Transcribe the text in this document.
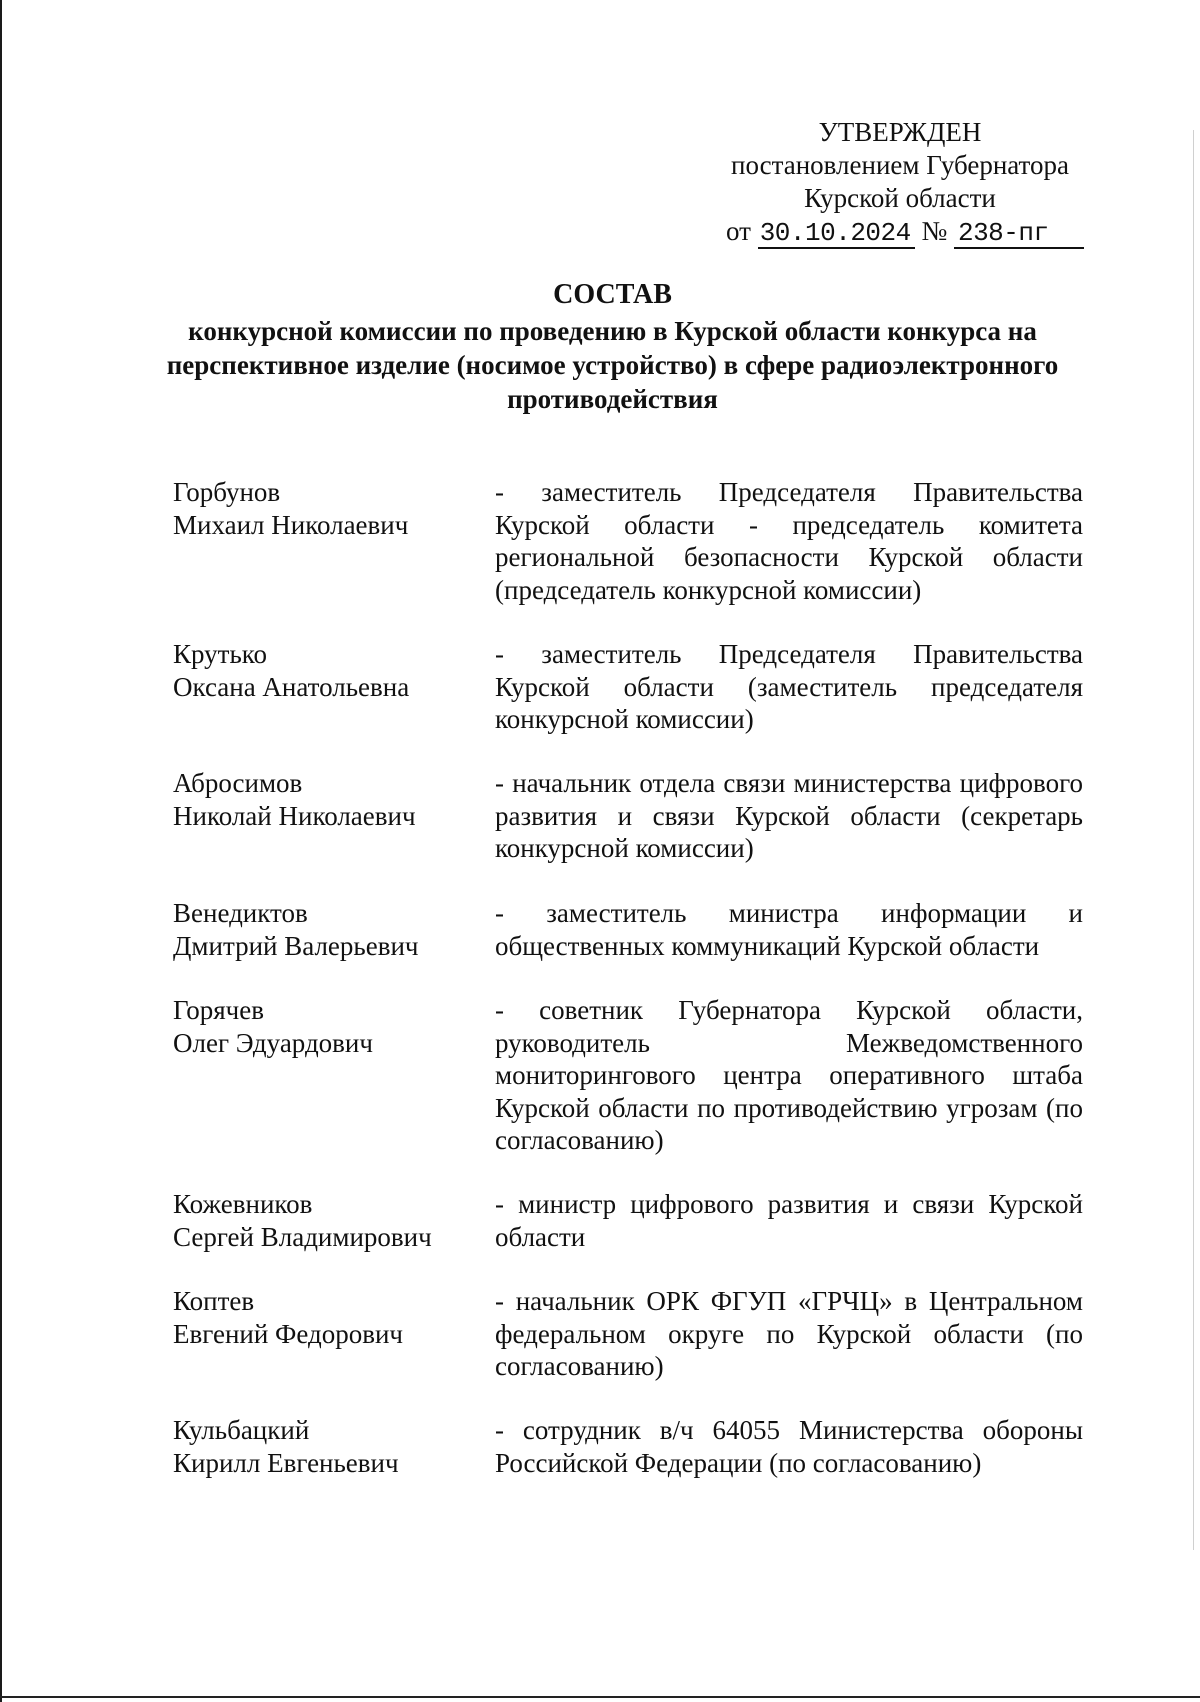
УТВЕРЖДЕН
постановлением Губернатора
Курской области
от 30.10.2024 № 238-пг
СОСТАВ
конкурсной комиссии по проведению в Курской области конкурса на перспективное изделие (носимое устройство) в сфере радиоэлектронного противодействия
Горбунов
Михаил Николаевич
- заместитель Председателя Правительства Курской области - председатель комитета региональной безопасности Курской области (председатель конкурсной комиссии)
Крутько
Оксана Анатольевна
- заместитель Председателя Правительства Курской области (заместитель председателя конкурсной комиссии)
Абросимов
Николай Николаевич
- начальник отдела связи министерства цифрового развития и связи Курской области (секретарь конкурсной комиссии)
Венедиктов
Дмитрий Валерьевич
- заместитель министра информации и общественных коммуникаций Курской области
Горячев
Олег Эдуардович
- советник Губернатора Курской области, руководитель Межведомственного мониторингового центра оперативного штаба Курской области по противодействию угрозам (по согласованию)
Кожевников
Сергей Владимирович
- министр цифрового развития и связи Курской области
Коптев
Евгений Федорович
- начальник ОРК ФГУП «ГРЧЦ» в Центральном федеральном округе по Курской области (по согласованию)
Кульбацкий
Кирилл Евгеньевич
- сотрудник в/ч 64055 Министерства обороны Российской Федерации (по согласованию)
